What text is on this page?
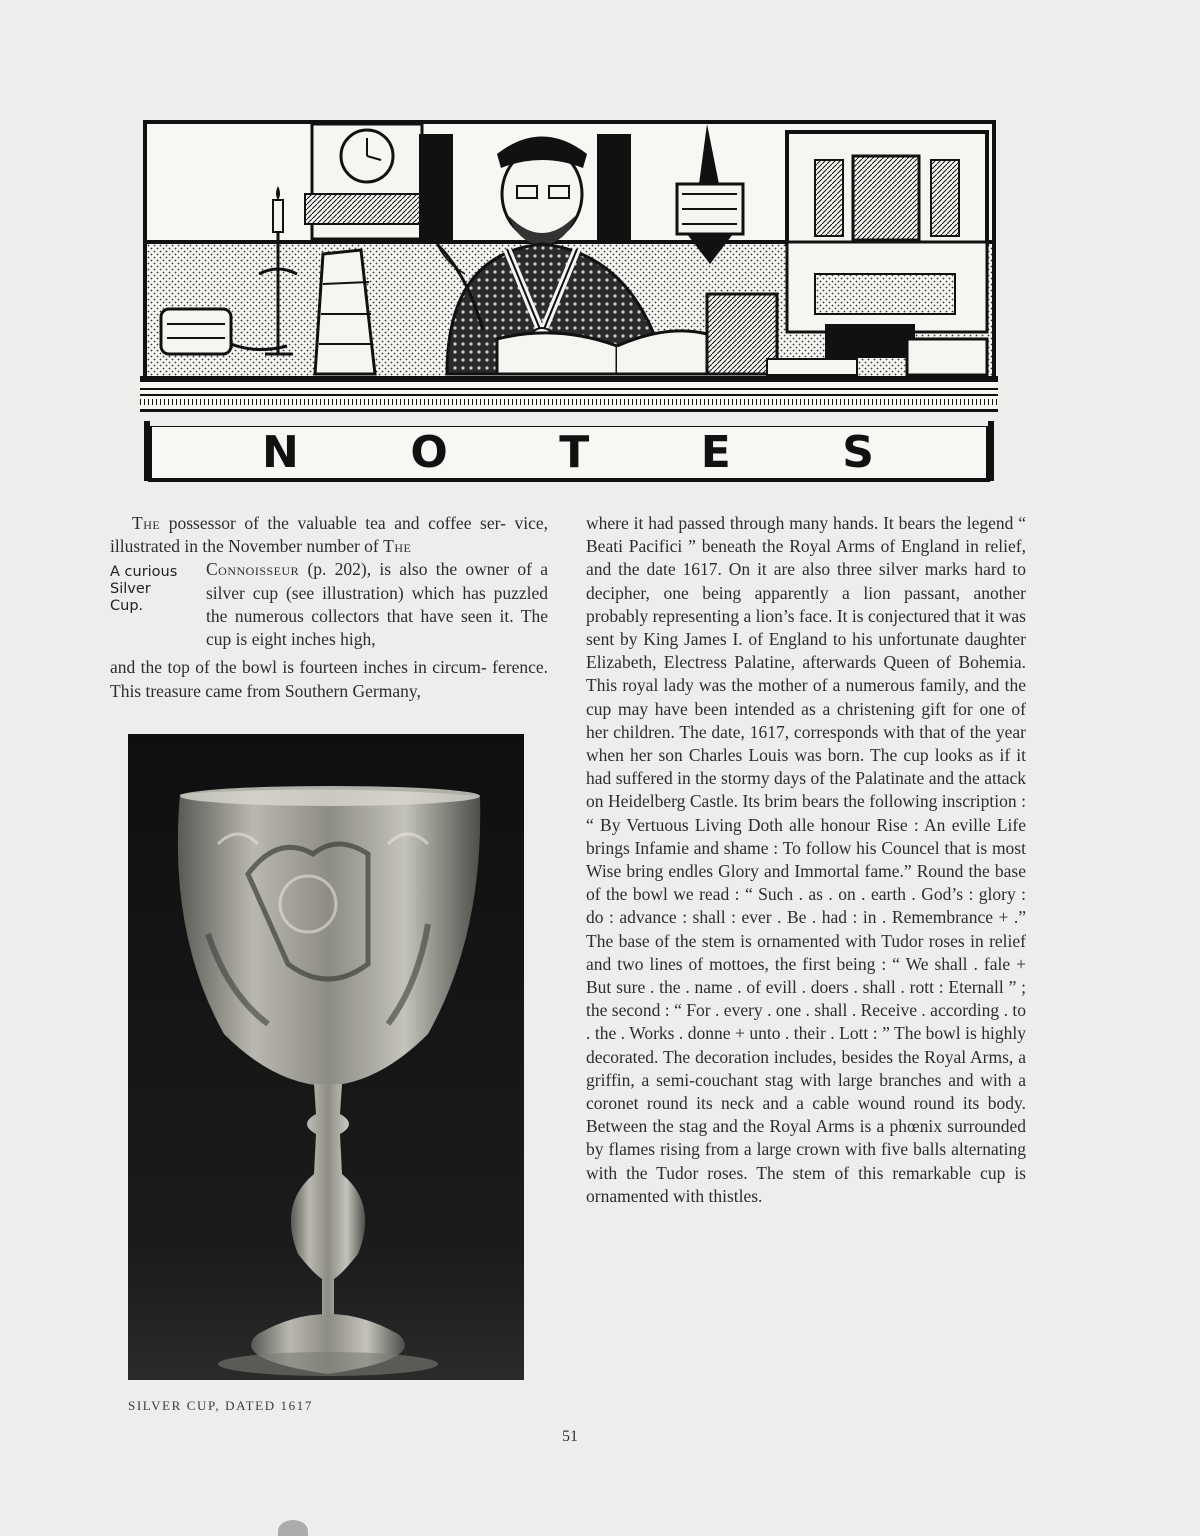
N O T E S
The possessor of the valuable tea and coffee ser- vice, illustrated in the November number of The
A curious
Silver
Cup.
Connoisseur (p. 202), is also the owner of a silver cup (see illustration) which has puzzled the numerous collectors that have seen it. The cup is eight inches high,
and the top of the bowl is fourteen inches in circum- ference. This treasure came from Southern Germany,
SILVER CUP, DATED 1617

where it had passed through many hands. It bears the legend “ Beati Pacifici ” beneath the Royal Arms of England in relief, and the date 1617. On it are also three silver marks hard to decipher, one being apparently a lion passant, another probably representing a lion’s face. It is conjectured that it was sent by King James I. of England to his unfortunate daughter Elizabeth, Electress Palatine, afterwards Queen of Bohemia. This royal lady was the mother of a numerous family, and the cup may have been intended as a christening gift for one of her children. The date, 1617, corresponds with that of the year when her son Charles Louis was born. The cup looks as if it had suffered in the stormy days of the Palatinate and the attack on Heidelberg Castle. Its brim bears the following inscription : “ By Vertuous Living Doth alle honour Rise : An eville Life brings Infamie and shame : To follow his Councel that is most Wise bring endles Glory and Immortal fame.” Round the base of the bowl we read : “ Such . as . on . earth . God’s : glory : do : advance : shall : ever . Be . had : in . Remembrance + .” The base of the stem is ornamented with Tudor roses in relief and two lines of mottoes, the first being : “ We shall . fale + But sure . the . name . of evill . doers . shall . rott : Eternall ” ; the second : “ For . every . one . shall . Receive . according . to . the . Works . donne + unto . their . Lott : ” The bowl is highly decorated. The decoration includes, besides the Royal Arms, a griffin, a semi-couchant stag with large branches and with a coronet round its neck and a cable wound round its body. Between the stag and the Royal Arms is a phœnix surrounded by flames rising from a large crown with five balls alternating with the Tudor roses. The stem of this remarkable cup is ornamented with thistles.

51
